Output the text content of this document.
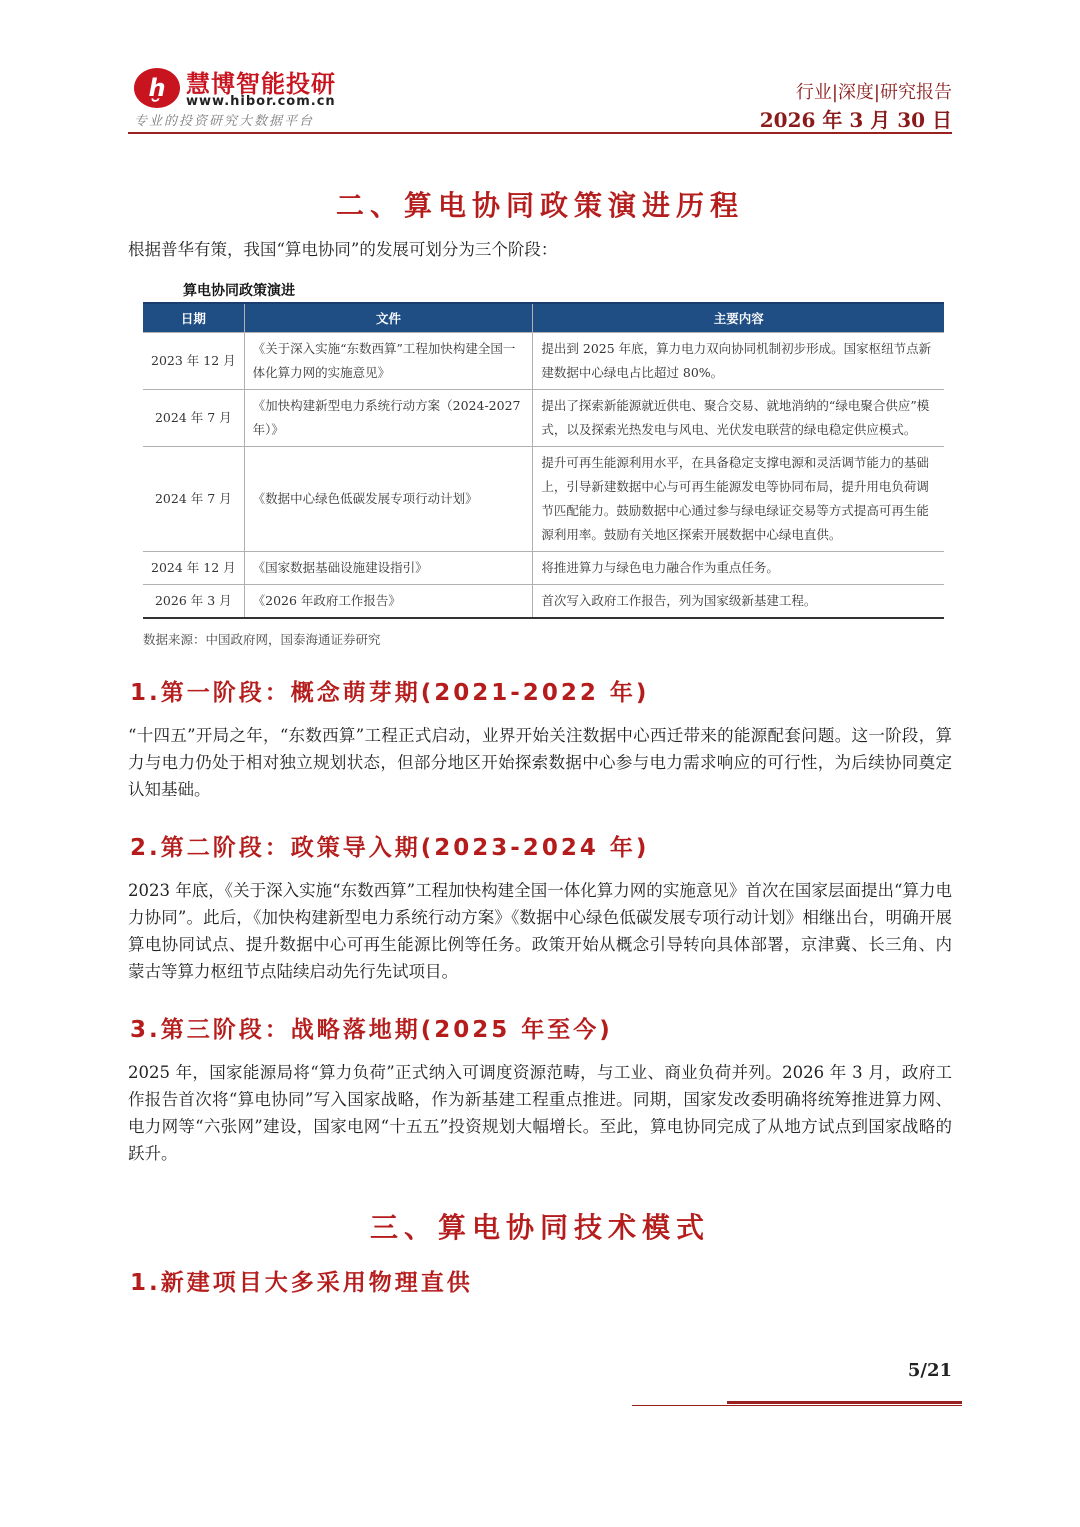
ḫ 慧博智能投研
www.hibor.com.cn
专业的投资研究大数据平台
行业|深度|研究报告
2026 年 3 月 30 日
二、算电协同政策演进历程
根据普华有策，我国“算电协同”的发展可划分为三个阶段：
算电协同政策演进
日期	文件	主要内容
2023 年 12 月	《关于深入实施“东数西算”工程加快构建全国一体化算力网的实施意见》	提出到 2025 年底，算力电力双向协同机制初步形成。国家枢纽节点新建数据中心绿电占比超过 80%。
2024 年 7 月	《加快构建新型电力系统行动方案（2024-2027 年）》	提出了探索新能源就近供电、聚合交易、就地消纳的“绿电聚合供应”模式，以及探索光热发电与风电、光伏发电联营的绿电稳定供应模式。
2024 年 7 月	《数据中心绿色低碳发展专项行动计划》	提升可再生能源利用水平，在具备稳定支撑电源和灵活调节能力的基础上，引导新建数据中心与可再生能源发电等协同布局，提升用电负荷调节匹配能力。鼓励数据中心通过参与绿电绿证交易等方式提高可再生能源利用率。鼓励有关地区探索开展数据中心绿电直供。
2024 年 12 月	《国家数据基础设施建设指引》	将推进算力与绿色电力融合作为重点任务。
2026 年 3 月	《2026 年政府工作报告》	首次写入政府工作报告，列为国家级新基建工程。
数据来源：中国政府网，国泰海通证券研究
1.第一阶段：概念萌芽期(2021-2022 年)
“十四五”开局之年，“东数西算”工程正式启动，业界开始关注数据中心西迁带来的能源配套问题。这一阶段，算力与电力仍处于相对独立规划状态，但部分地区开始探索数据中心参与电力需求响应的可行性，为后续协同奠定认知基础。
2.第二阶段：政策导入期(2023-2024 年)
2023 年底，《关于深入实施“东数西算”工程加快构建全国一体化算力网的实施意见》首次在国家层面提出“算力电力协同”。此后，《加快构建新型电力系统行动方案》《数据中心绿色低碳发展专项行动计划》相继出台，明确开展算电协同试点、提升数据中心可再生能源比例等任务。政策开始从概念引导转向具体部署，京津冀、长三角、内蒙古等算力枢纽节点陆续启动先行先试项目。
3.第三阶段：战略落地期(2025 年至今)
2025 年，国家能源局将“算力负荷”正式纳入可调度资源范畴，与工业、商业负荷并列。2026 年 3 月，政府工作报告首次将“算电协同”写入国家战略，作为新基建工程重点推进。同期，国家发改委明确将统筹推进算力网、电力网等“六张网”建设，国家电网“十五五”投资规划大幅增长。至此，算电协同完成了从地方试点到国家战略的跃升。
三、算电协同技术模式
1.新建项目大多采用物理直供
5/21
